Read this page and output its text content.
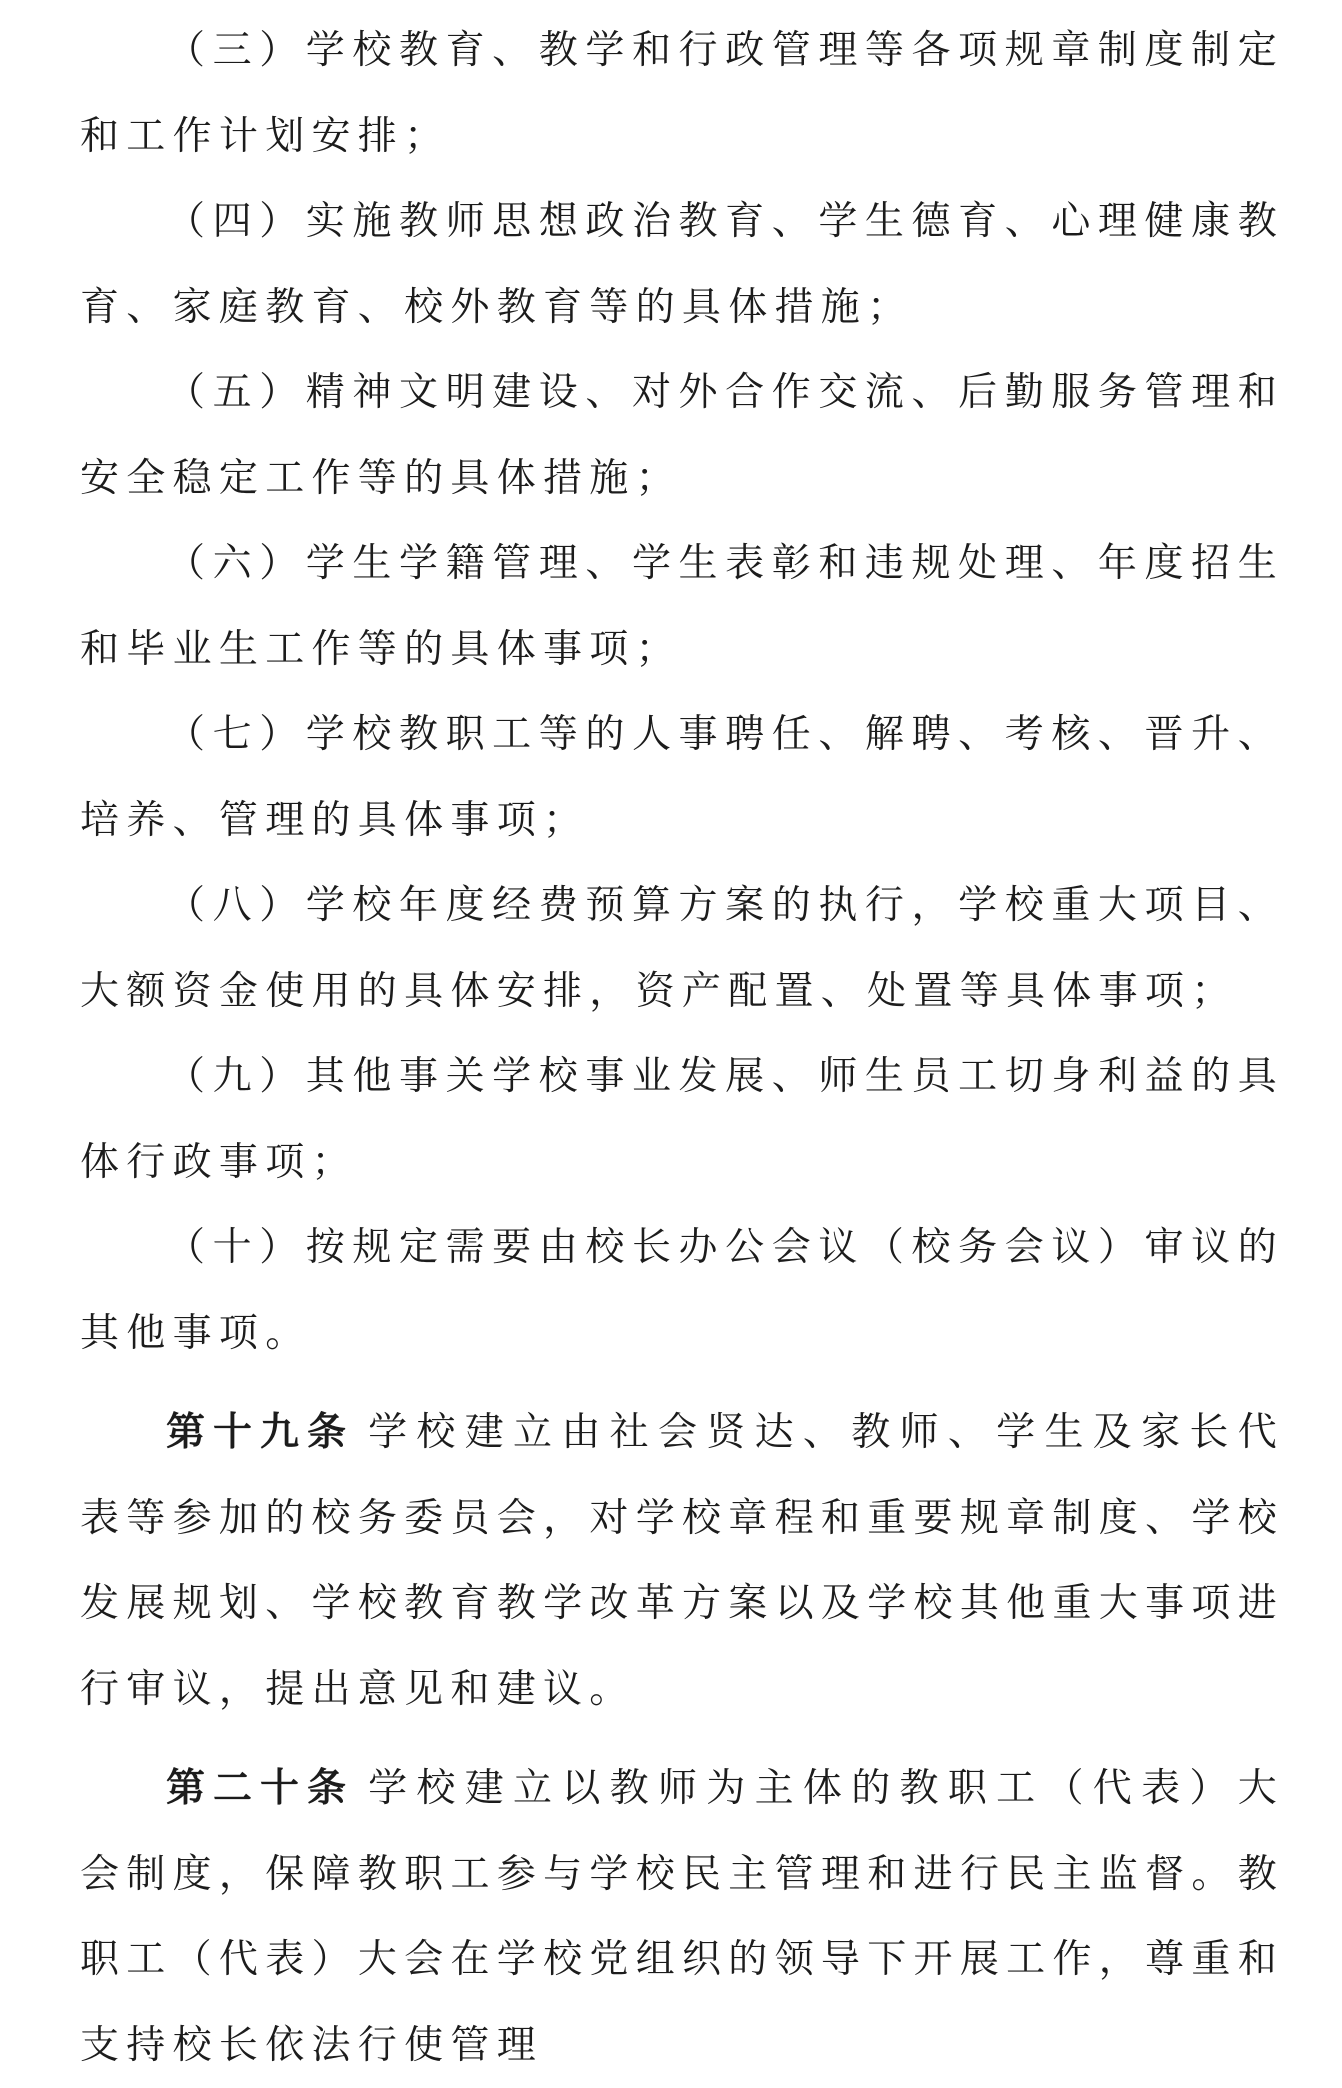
（三）学校教育、教学和行政管理等各项规章制度制定和工作计划安排；

（四）实施教师思想政治教育、学生德育、心理健康教育、家庭教育、校外教育等的具体措施；

（五）精神文明建设、对外合作交流、后勤服务管理和安全稳定工作等的具体措施；

（六）学生学籍管理、学生表彰和违规处理、年度招生和毕业生工作等的具体事项；

（七）学校教职工等的人事聘任、解聘、考核、晋升、培养、管理的具体事项；

（八）学校年度经费预算方案的执行，学校重大项目、大额资金使用的具体安排，资产配置、处置等具体事项；

（九）其他事关学校事业发展、师生员工切身利益的具体行政事项；

（十）按规定需要由校长办公会议（校务会议）审议的其他事项。

第十九条 学校建立由社会贤达、教师、学生及家长代表等参加的校务委员会，对学校章程和重要规章制度、学校发展规划、学校教育教学改革方案以及学校其他重大事项进行审议，提出意见和建议。

第二十条 学校建立以教师为主体的教职工（代表）大会制度，保障教职工参与学校民主管理和进行民主监督。教职工（代表）大会在学校党组织的领导下开展工作，尊重和支持校长依法行使管理
